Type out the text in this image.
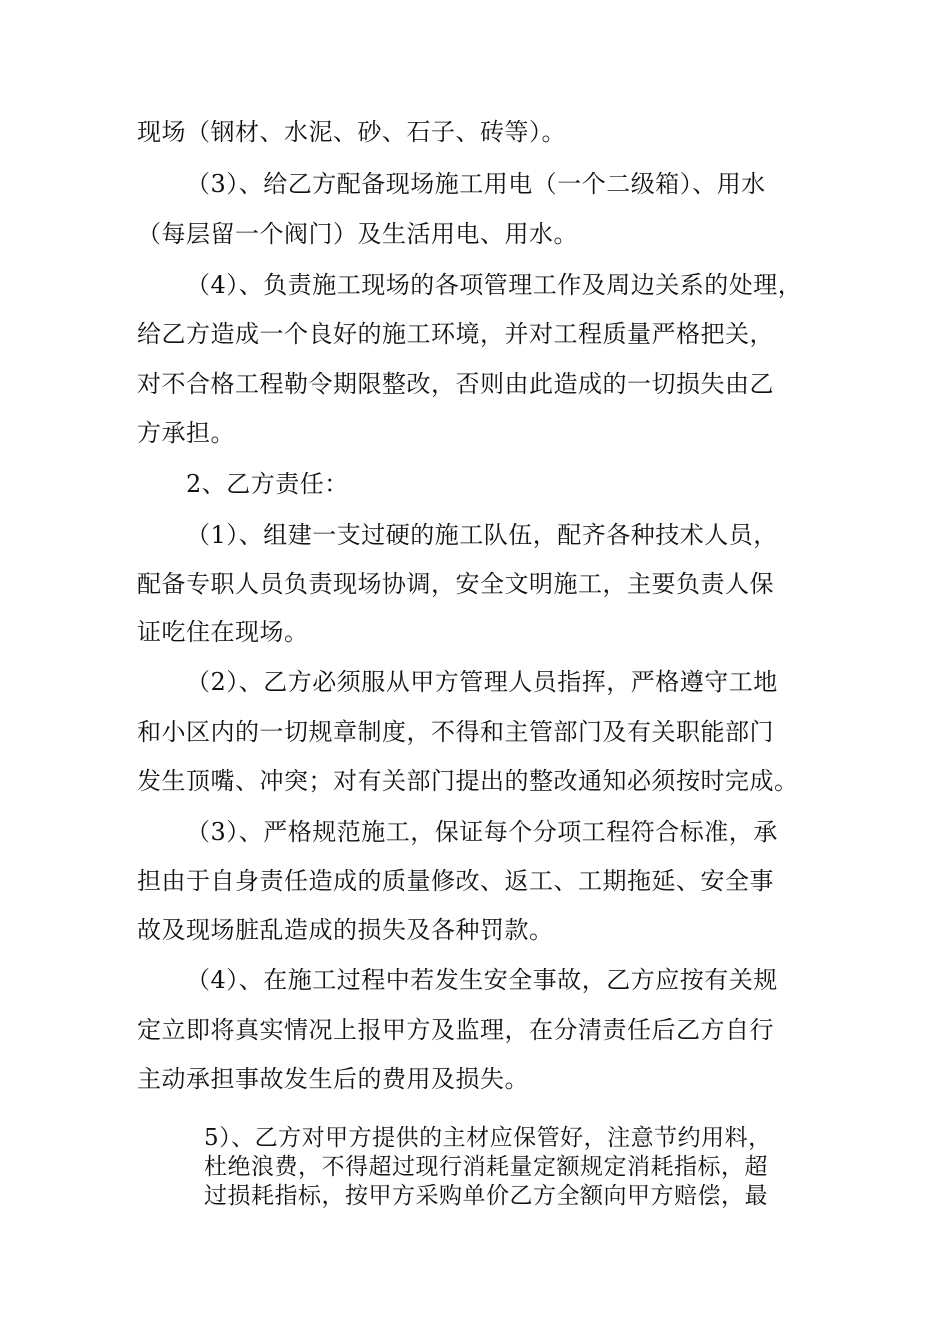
现场（钢材、水泥、砂、石子、砖等）。
（3）、给乙方配备现场施工用电（一个二级箱）、用水
（每层留一个阀门）及生活用电、用水。
（4）、负责施工现场的各项管理工作及周边关系的处理，
给乙方造成一个良好的施工环境，并对工程质量严格把关，
对不合格工程勒令期限整改，否则由此造成的一切损失由乙
方承担。
2、乙方责任：
（1）、组建一支过硬的施工队伍，配齐各种技术人员，
配备专职人员负责现场协调，安全文明施工，主要负责人保
证吃住在现场。
（2）、乙方必须服从甲方管理人员指挥，严格遵守工地
和小区内的一切规章制度，不得和主管部门及有关职能部门
发生顶嘴、冲突；对有关部门提出的整改通知必须按时完成。
（3）、严格规范施工，保证每个分项工程符合标准，承
担由于自身责任造成的质量修改、返工、工期拖延、安全事
故及现场脏乱造成的损失及各种罚款。
（4）、在施工过程中若发生安全事故，乙方应按有关规
定立即将真实情况上报甲方及监理，在分清责任后乙方自行
主动承担事故发生后的费用及损失。
5）、乙方对甲方提供的主材应保管好，注意节约用料，
杜绝浪费，不得超过现行消耗量定额规定消耗指标，超
过损耗指标，按甲方采购单价乙方全额向甲方赔偿，最
